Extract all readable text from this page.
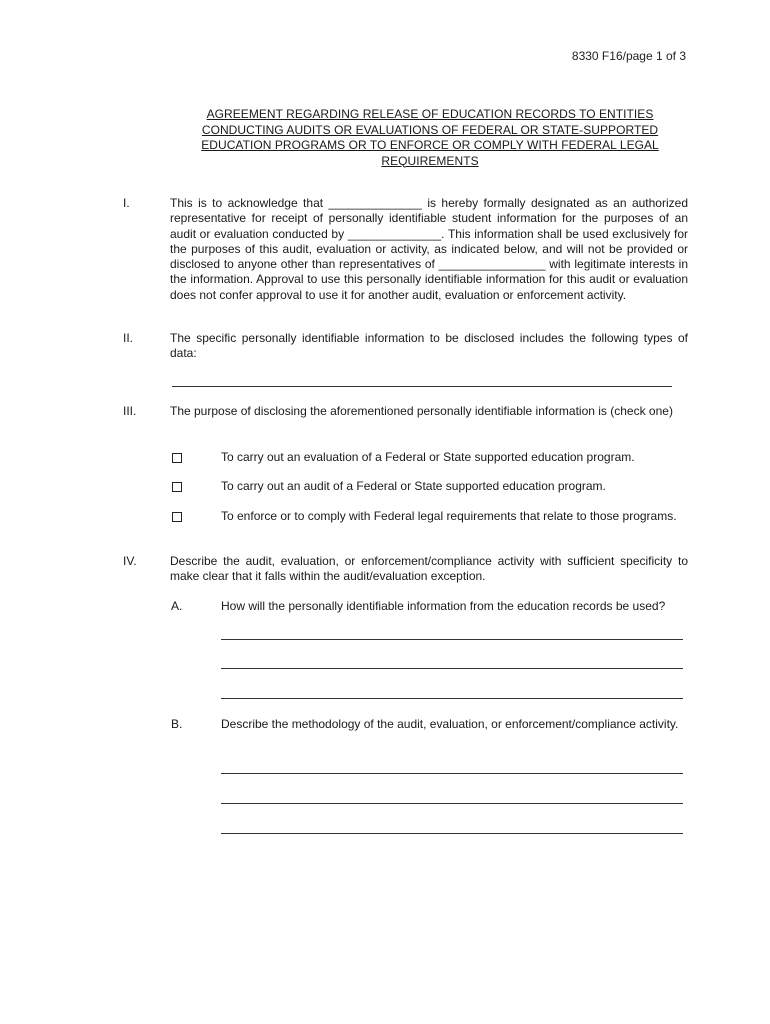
8330 F16/page 1 of 3
AGREEMENT REGARDING RELEASE OF EDUCATION RECORDS TO ENTITIES CONDUCTING AUDITS OR EVALUATIONS OF FEDERAL OR STATE-SUPPORTED EDUCATION PROGRAMS OR TO ENFORCE OR COMPLY WITH FEDERAL LEGAL REQUIREMENTS
I.	This is to acknowledge that ______________ is hereby formally designated as an authorized representative for receipt of personally identifiable student information for the purposes of an audit or evaluation conducted by ______________. This information shall be used exclusively for the purposes of this audit, evaluation or activity, as indicated below, and will not be provided or disclosed to anyone other than representatives of ________________ with legitimate interests in the information. Approval to use this personally identifiable information for this audit or evaluation does not confer approval to use it for another audit, evaluation or enforcement activity.
II.	The specific personally identifiable information to be disclosed includes the following types of data:
III.	The purpose of disclosing the aforementioned personally identifiable information is (check one)
To carry out an evaluation of a Federal or State supported education program.
To carry out an audit of a Federal or State supported education program.
To enforce or to comply with Federal legal requirements that relate to those programs.
IV.	Describe the audit, evaluation, or enforcement/compliance activity with sufficient specificity to make clear that it falls within the audit/evaluation exception.
A.	How will the personally identifiable information from the education records be used?
B.	Describe the methodology of the audit, evaluation, or enforcement/compliance activity.
